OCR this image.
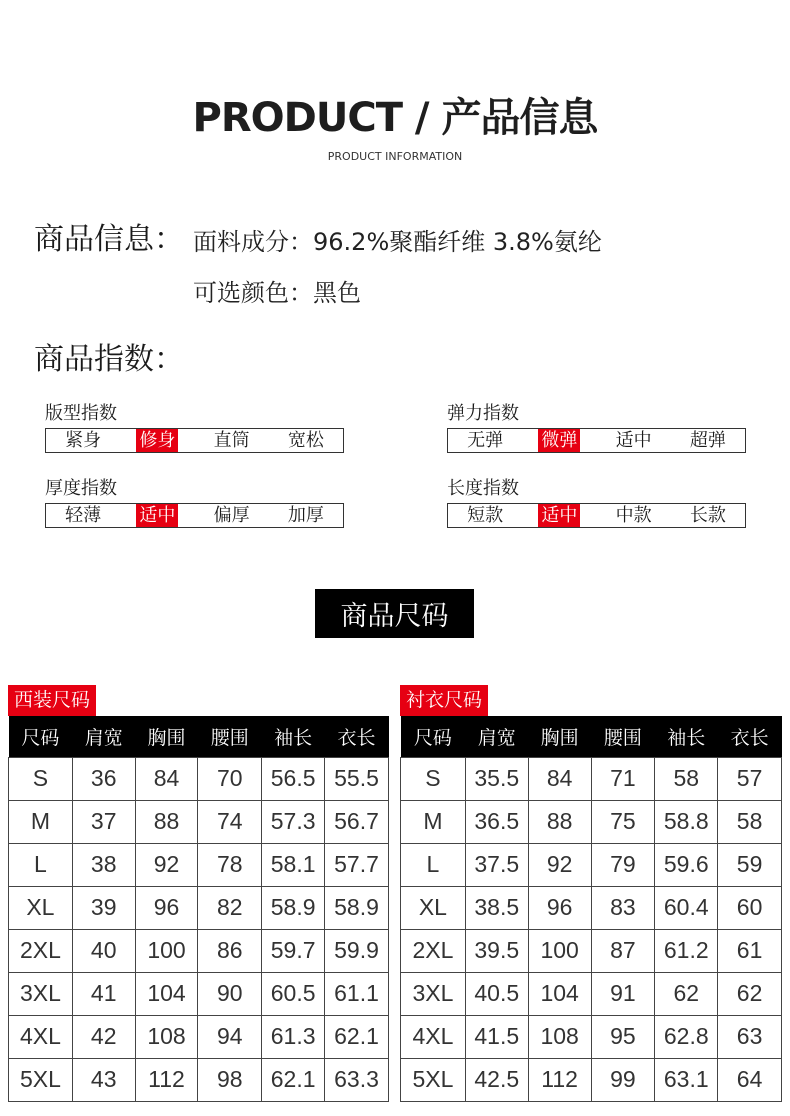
PRODUCT / 产品信息
PRODUCT INFORMATION
商品信息： 面料成分：96.2%聚酯纤维 3.8%氨纶
可选颜色：黑色
商品指数：
版型指数
紧身 修身 直筒 宽松
弹力指数
无弹 微弹 适中 超弹
厚度指数
轻薄 适中 偏厚 加厚
长度指数
短款 适中 中款 长款
商品尺码
西装尺码
尺码	肩宽	胸围	腰围	袖长	衣长
S	36	84	70	56.5	55.5
M	37	88	74	57.3	56.7
L	38	92	78	58.1	57.7
XL	39	96	82	58.9	58.9
2XL	40	100	86	59.7	59.9
3XL	41	104	90	60.5	61.1
4XL	42	108	94	61.3	62.1
5XL	43	112	98	62.1	63.3
衬衣尺码
尺码	肩宽	胸围	腰围	袖长	衣长
S	35.5	84	71	58	57
M	36.5	88	75	58.8	58
L	37.5	92	79	59.6	59
XL	38.5	96	83	60.4	60
2XL	39.5	100	87	61.2	61
3XL	40.5	104	91	62	62
4XL	41.5	108	95	62.8	63
5XL	42.5	112	99	63.1	64
